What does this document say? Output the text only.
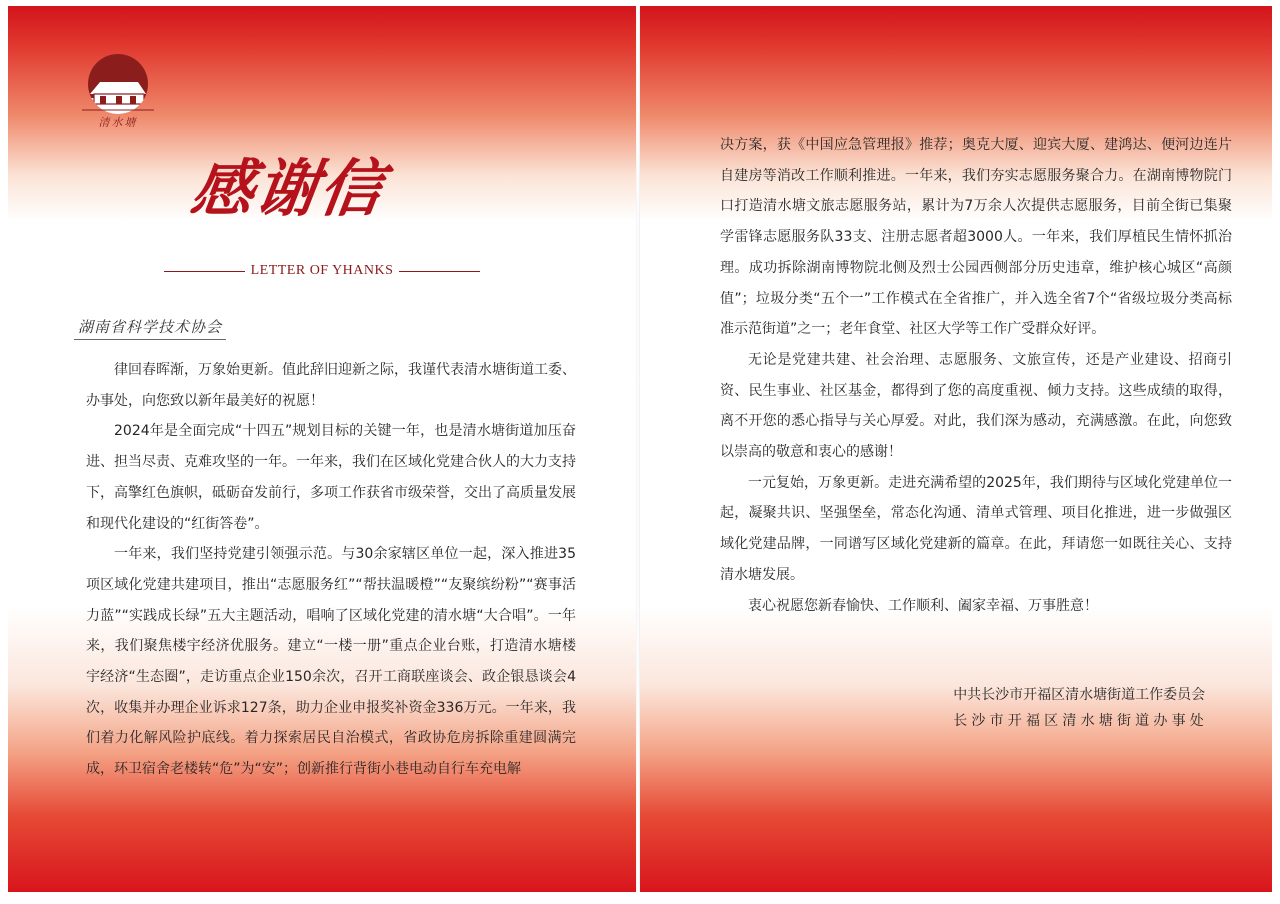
清水塘
感谢信
LETTER OF YHANKS
湖南省科学技术协会

律回春晖渐，万象始更新。值此辞旧迎新之际，我谨代表清水塘街道工委、办事处，向您致以新年最美好的祝愿！

2024年是全面完成“十四五”规划目标的关键一年，也是清水塘街道加压奋进、担当尽责、克难攻坚的一年。一年来，我们在区域化党建合伙人的大力支持下，高擎红色旗帜，砥砺奋发前行，多项工作获省市级荣誉，交出了高质量发展和现代化建设的“红街答卷”。

一年来，我们坚持党建引领强示范。与30余家辖区单位一起，深入推进35项区域化党建共建项目，推出“志愿服务红”“帮扶温暖橙”“友聚缤纷粉”“赛事活力蓝”“实践成长绿”五大主题活动，唱响了区域化党建的清水塘“大合唱”。一年来，我们聚焦楼宇经济优服务。建立“一楼一册”重点企业台账，打造清水塘楼宇经济“生态圈”，走访重点企业150余次，召开工商联座谈会、政企银恳谈会4次，收集并办理企业诉求127条，助力企业申报奖补资金336万元。一年来，我们着力化解风险护底线。着力探索居民自治模式，省政协危房拆除重建圆满完成，环卫宿舍老楼转“危”为“安”；创新推行背街小巷电动自行车充电解

决方案，获《中国应急管理报》推荐；奥克大厦、迎宾大厦、建鸿达、便河边连片自建房等消改工作顺利推进。一年来，我们夯实志愿服务聚合力。在湖南博物院门口打造清水塘文旅志愿服务站，累计为7万余人次提供志愿服务，目前全街已集聚学雷锋志愿服务队33支、注册志愿者超3000人。一年来，我们厚植民生情怀抓治理。成功拆除湖南博物院北侧及烈士公园西侧部分历史违章，维护核心城区“高颜值”；垃圾分类“五个一”工作模式在全省推广，并入选全省7个“省级垃圾分类高标准示范街道”之一；老年食堂、社区大学等工作广受群众好评。

无论是党建共建、社会治理、志愿服务、文旅宣传，还是产业建设、招商引资、民生事业、社区基金，都得到了您的高度重视、倾力支持。这些成绩的取得，离不开您的悉心指导与关心厚爱。对此，我们深为感动，充满感激。在此，向您致以崇高的敬意和衷心的感谢！

一元复始，万象更新。走进充满希望的2025年，我们期待与区域化党建单位一起，凝聚共识、坚强堡垒，常态化沟通、清单式管理、项目化推进，进一步做强区域化党建品牌，一同谱写区域化党建新的篇章。在此，拜请您一如既往关心、支持清水塘发展。

衷心祝愿您新春愉快、工作顺利、阖家幸福、万事胜意！

中共长沙市开福区清水塘街道工作委员会
长沙市开福区清水塘街道办事处
